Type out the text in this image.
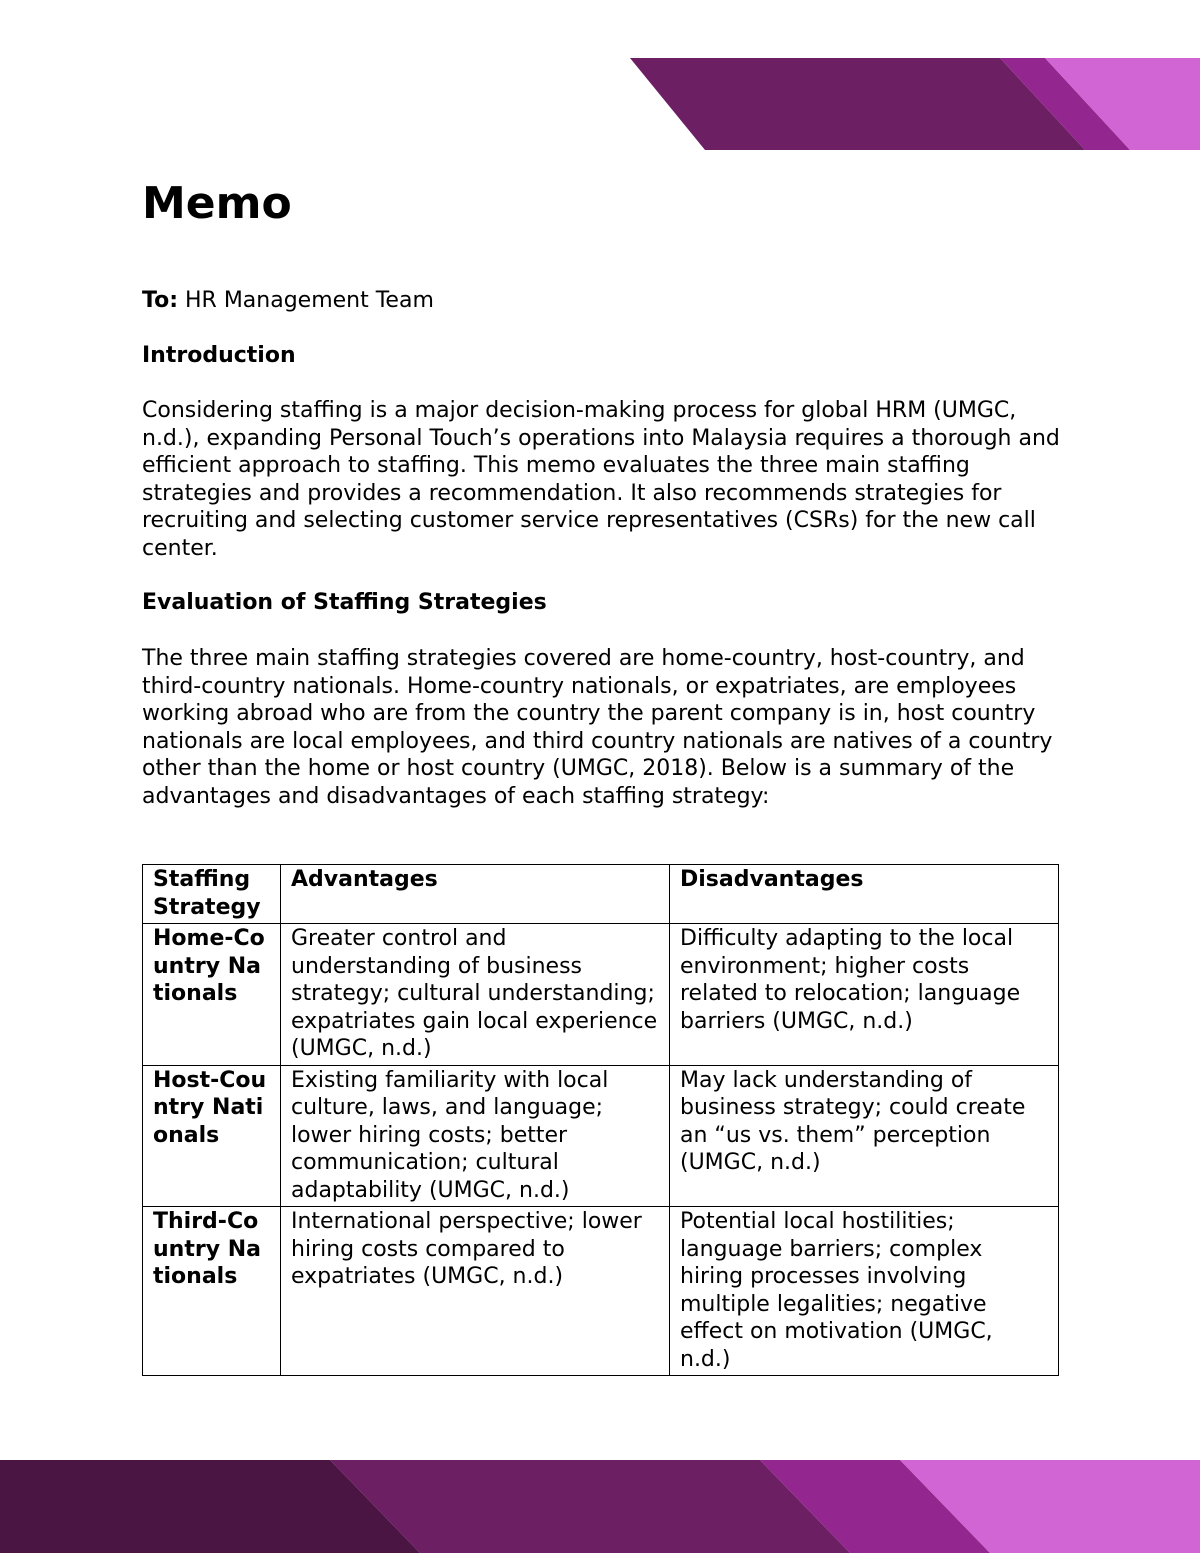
Memo

To: HR Management Team

Introduction

Considering staffing is a major decision-making process for global HRM (UMGC, n.d.), expanding Personal Touch’s operations into Malaysia requires a thorough and efficient approach to staffing. This memo evaluates the three main staffing strategies and provides a recommendation. It also recommends strategies for recruiting and selecting customer service representatives (CSRs) for the new call center.

Evaluation of Staffing Strategies

The three main staffing strategies covered are home-country, host-country, and third-country nationals. Home-country nationals, or expatriates, are employees working abroad who are from the country the parent company is in, host country nationals are local employees, and third country nationals are natives of a country other than the home or host country (UMGC, 2018). Below is a summary of the advantages and disadvantages of each staffing strategy:

Staffing Strategy	Advantages	Disadvantages
Home-Country Nationals	Greater control and understanding of business strategy; cultural understanding; expatriates gain local experience (UMGC, n.d.)	Difficulty adapting to the local environment; higher costs related to relocation; language barriers (UMGC, n.d.)
Host-Country Nationals	Existing familiarity with local culture, laws, and language; lower hiring costs; better communication; cultural adaptability (UMGC, n.d.)	May lack understanding of business strategy; could create an “us vs. them” perception (UMGC, n.d.)
Third-Country Nationals	International perspective; lower hiring costs compared to expatriates (UMGC, n.d.)	Potential local hostilities; language barriers; complex hiring processes involving multiple legalities; negative effect on motivation (UMGC, n.d.)
